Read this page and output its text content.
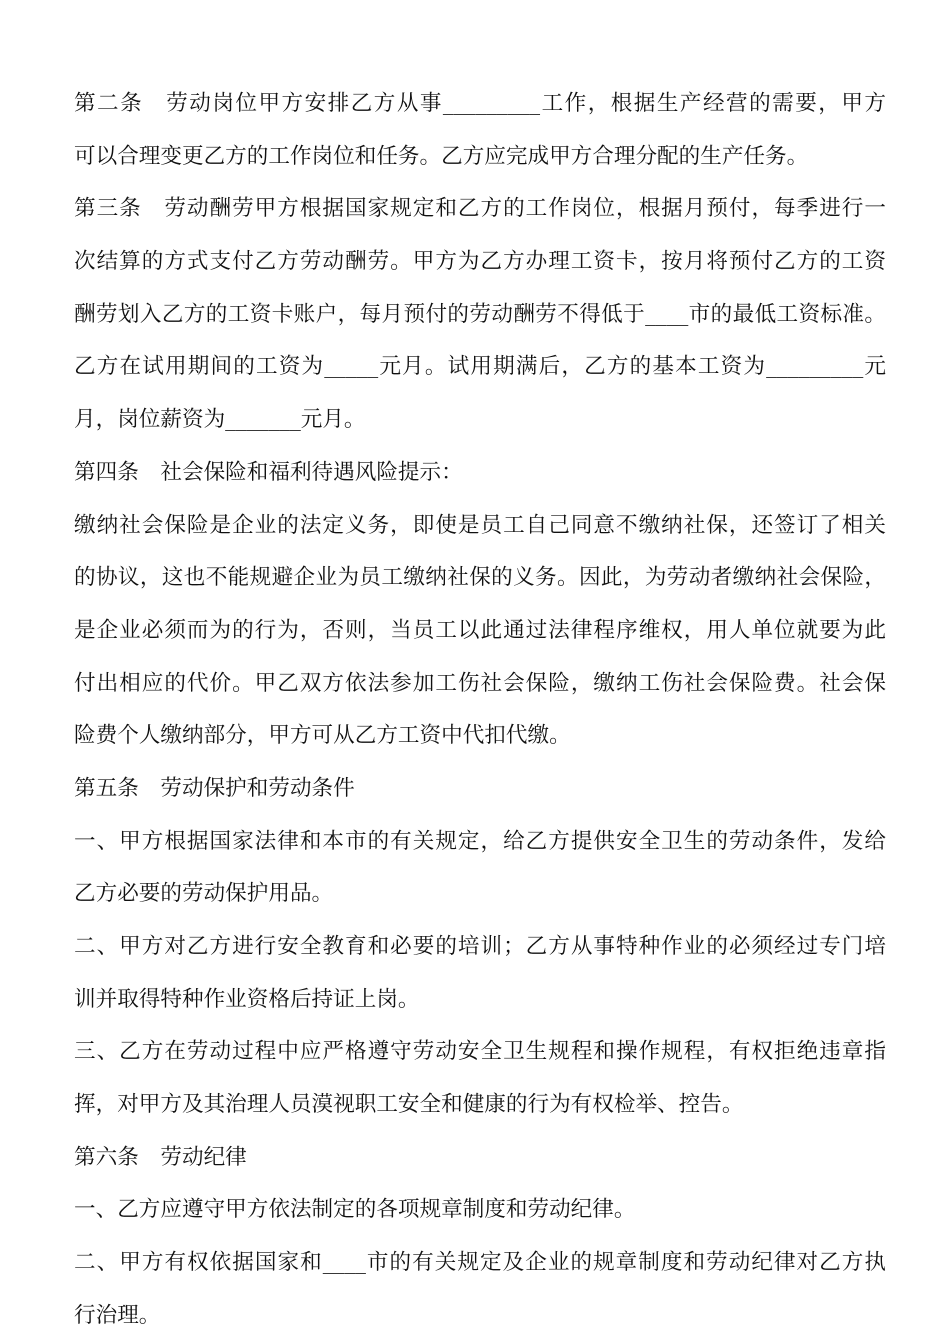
第二条　劳动岗位甲方安排乙方从事_________工作，根据生产经营的需要，甲方
可以合理变更乙方的工作岗位和任务。乙方应完成甲方合理分配的生产任务。
第三条　劳动酬劳甲方根据国家规定和乙方的工作岗位，根据月预付，每季进行一
次结算的方式支付乙方劳动酬劳。甲方为乙方办理工资卡，按月将预付乙方的工资
酬劳划入乙方的工资卡账户，每月预付的劳动酬劳不得低于____市的最低工资标准。
乙方在试用期间的工资为_____元月。试用期满后，乙方的基本工资为_________元
月，岗位薪资为_______元月。
第四条　社会保险和福利待遇风险提示：
缴纳社会保险是企业的法定义务，即使是员工自己同意不缴纳社保，还签订了相关
的协议，这也不能规避企业为员工缴纳社保的义务。因此，为劳动者缴纳社会保险，
是企业必须而为的行为，否则，当员工以此通过法律程序维权，用人单位就要为此
付出相应的代价。甲乙双方依法参加工伤社会保险，缴纳工伤社会保险费。社会保
险费个人缴纳部分，甲方可从乙方工资中代扣代缴。
第五条　劳动保护和劳动条件
一、甲方根据国家法律和本市的有关规定，给乙方提供安全卫生的劳动条件，发给
乙方必要的劳动保护用品。
二、甲方对乙方进行安全教育和必要的培训；乙方从事特种作业的必须经过专门培
训并取得特种作业资格后持证上岗。
三、乙方在劳动过程中应严格遵守劳动安全卫生规程和操作规程，有权拒绝违章指
挥，对甲方及其治理人员漠视职工安全和健康的行为有权检举、控告。
第六条　劳动纪律
一、乙方应遵守甲方依法制定的各项规章制度和劳动纪律。
二、甲方有权依据国家和____市的有关规定及企业的规章制度和劳动纪律对乙方执
行治理。
